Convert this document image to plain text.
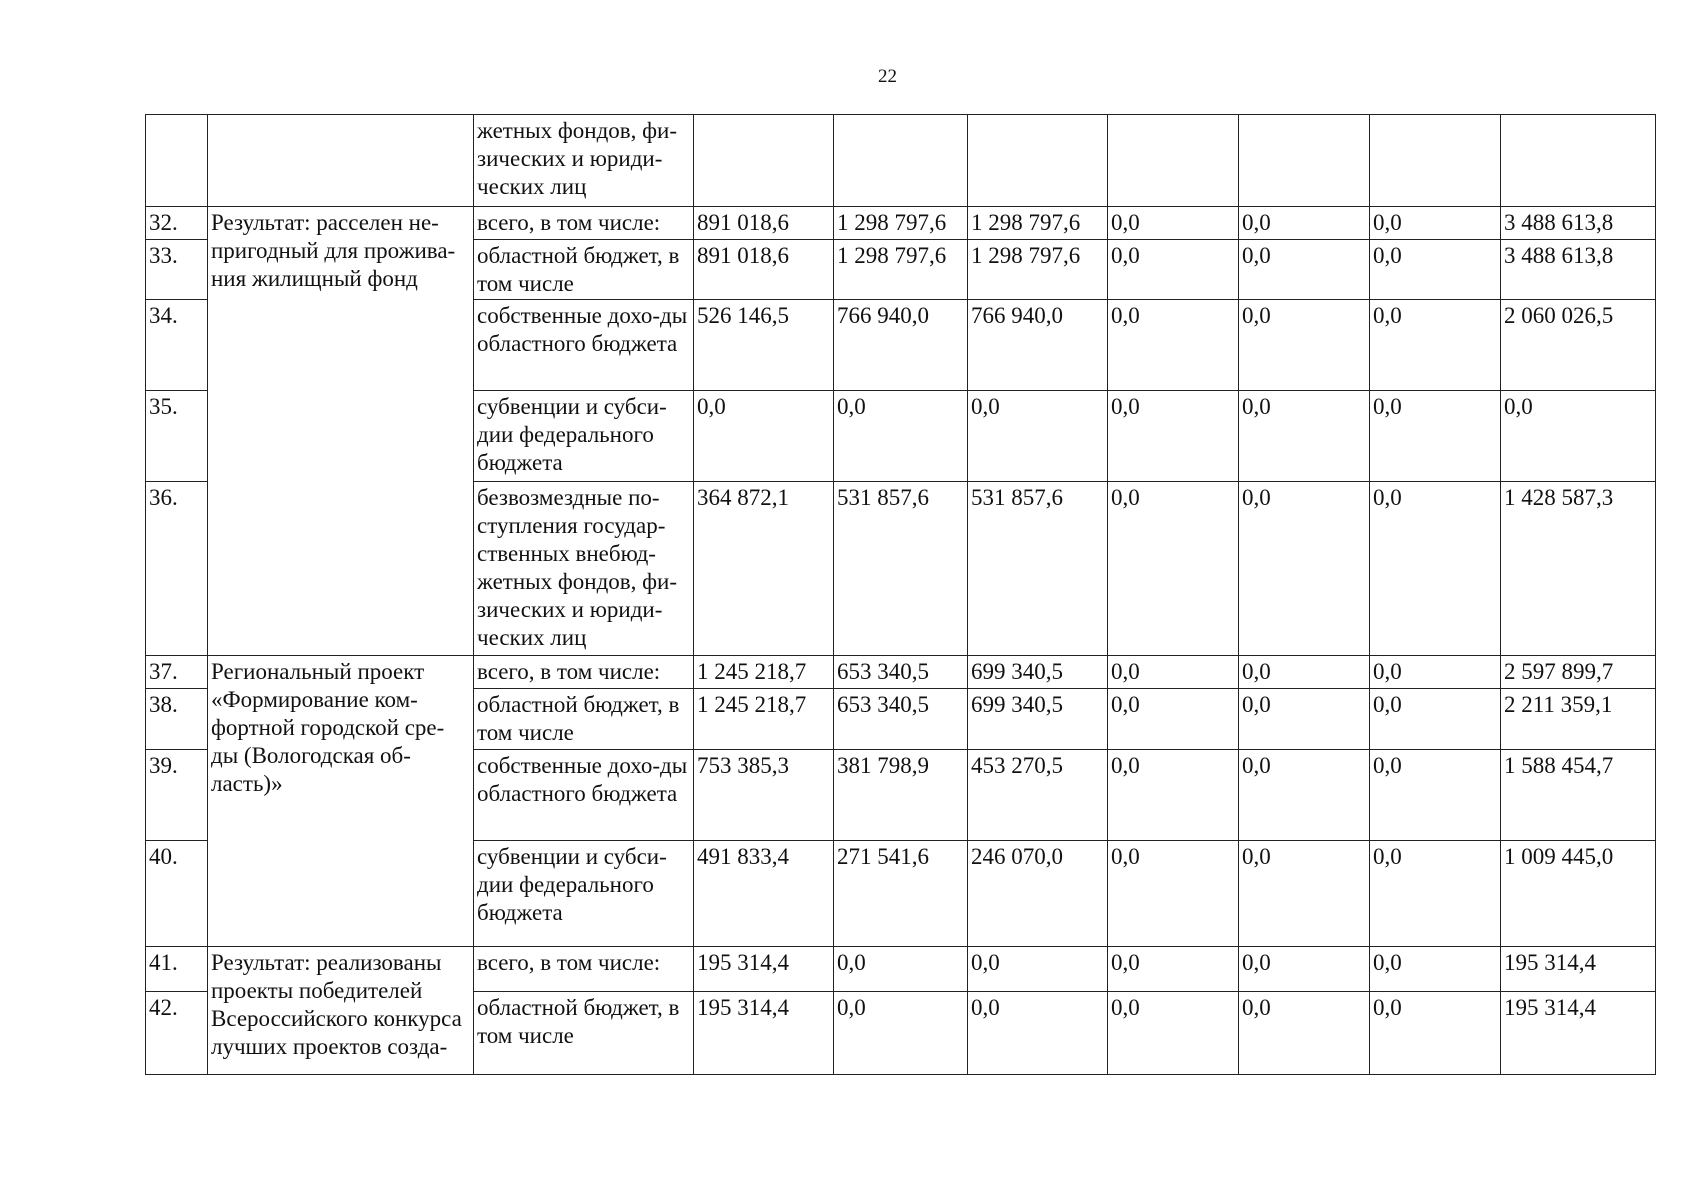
22
		жетных фондов, фи-зических и юриди-ческих лиц							
32.	Результат: расселен не-пригодный для прожива-ния жилищный фонд	всего, в том числе:	891 018,6	1 298 797,6	1 298 797,6	0,0	0,0	0,0	3 488 613,8
33.		областной бюджет, в том числе	891 018,6	1 298 797,6	1 298 797,6	0,0	0,0	0,0	3 488 613,8
34.		собственные дохо-ды областного бюджета	526 146,5	766 940,0	766 940,0	0,0	0,0	0,0	2 060 026,5
35.		субвенции и субси-дии федерального бюджета	0,0	0,0	0,0	0,0	0,0	0,0	0,0
36.		безвозмездные по-ступления государ-ственных внебюд-жетных фондов, фи-зических и юриди-ческих лиц	364 872,1	531 857,6	531 857,6	0,0	0,0	0,0	1 428 587,3
37.	Региональный проект «Формирование ком-фортной городской сре-ды (Вологодская об-ласть)»	всего, в том числе:	1 245 218,7	653 340,5	699 340,5	0,0	0,0	0,0	2 597 899,7
38.		областной бюджет, в том числе	1 245 218,7	653 340,5	699 340,5	0,0	0,0	0,0	2 211 359,1
39.		собственные дохо-ды областного бюджета	753 385,3	381 798,9	453 270,5	0,0	0,0	0,0	1 588 454,7
40.		субвенции и субси-дии федерального бюджета	491 833,4	271 541,6	246 070,0	0,0	0,0	0,0	1 009 445,0
41.	Результат: реализованы проекты победителей Всероссийского конкурса лучших проектов созда-	всего, в том числе:	195 314,4	0,0	0,0	0,0	0,0	0,0	195 314,4
42.		областной бюджет, в том числе	195 314,4	0,0	0,0	0,0	0,0	0,0	195 314,4
